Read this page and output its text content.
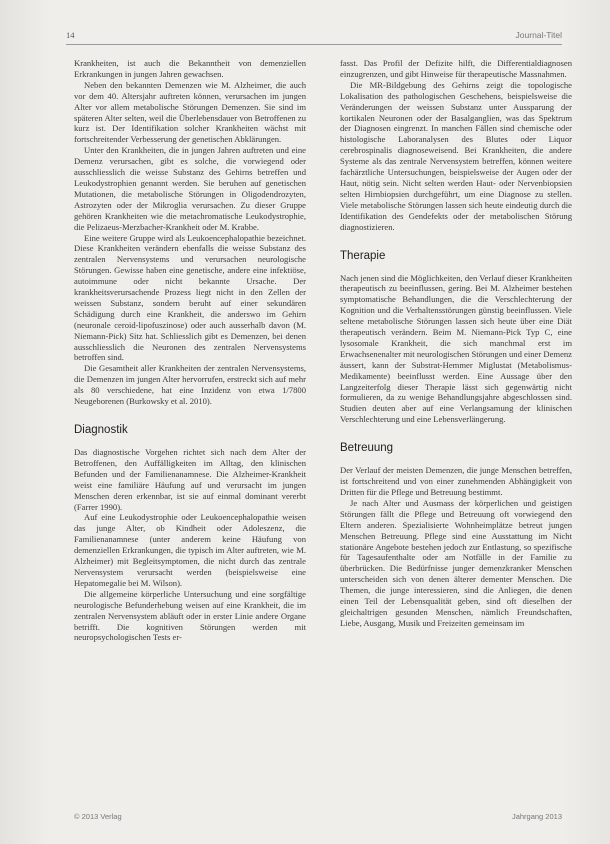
14	Journal-Titel

Krankheiten, ist auch die Bekanntheit von demenziellen Erkrankungen in jungen Jahren gewachsen.

Neben den bekannten Demenzen wie M. Alzheimer, die auch vor dem 40. Altersjahr auftreten können, verursachen im jungen Alter vor allem metabolische Störungen Demenzen. Sie sind im späteren Alter selten, weil die Überlebensdauer von Betroffenen zu kurz ist. Der Identifikation solcher Krankheiten wächst mit fortschreitender Verbesserung der genetischen Abklärungen.

Unter den Krankheiten, die in jungen Jahren auftreten und eine Demenz verursachen, gibt es solche, die vorwiegend oder ausschliesslich die weisse Substanz des Gehirns betreffen und Leukodystrophien genannt werden. Sie beruhen auf genetischen Mutationen, die metabolische Störungen in Oligodendrozyten, Astrozyten oder der Mikroglia verursachen. Zu dieser Gruppe gehören Krankheiten wie die metachromatische Leukodystrophie, die Pelizaeus-Merzbacher-Krankheit oder M. Krabbe.

Eine weitere Gruppe wird als Leukoencephalopathie bezeichnet. Diese Krankheiten verändern ebenfalls die weisse Substanz des zentralen Nervensystems und verursachen neurologische Störungen. Gewisse haben eine genetische, andere eine infektiöse, autoimmune oder nicht bekannte Ursache. Der krankheitsverursachende Prozess liegt nicht in den Zellen der weissen Substanz, sondern beruht auf einer sekundären Schädigung durch eine Krankheit, die anderswo im Gehirn (neuronale ceroid-lipofuszinose) oder auch ausserhalb davon (M. Niemann-Pick) Sitz hat. Schliesslich gibt es Demenzen, bei denen ausschliesslich die Neuronen des zentralen Nervensystems betroffen sind.

Die Gesamtheit aller Krankheiten der zentralen Nervensystems, die Demenzen im jungen Alter hervorrufen, erstreckt sich auf mehr als 80 verschiedene, hat eine Inzidenz von etwa 1/7800 Neugeborenen (Burkowsky et al. 2010).

Diagnostik

Das diagnostische Vorgehen richtet sich nach dem Alter der Betroffenen, den Auffälligkeiten im Alltag, den klinischen Befunden und der Familienanamnese. Die Alzheimer-Krankheit weist eine familiäre Häufung auf und verursacht im jungen Menschen deren erkennbar, ist sie auf einmal dominant vererbt (Farrer 1990).

Auf eine Leukodystrophie oder Leukoencephalopathie weisen das junge Alter, ob Kindheit oder Adoleszenz, die Familienanamnese (unter anderem keine Häufung von demenziellen Erkrankungen, die typisch im Alter auftreten, wie M. Alzheimer) mit Begleitsymptomen, die nicht durch das zentrale Nervensystem verursacht werden (beispielsweise eine Hepatomegalie bei M. Wilson).

Die allgemeine körperliche Untersuchung und eine sorgfältige neurologische Befunderhebung weisen auf eine Krankheit, die im zentralen Nervensystem abläuft oder in erster Linie andere Organe betrifft. Die kognitiven Störungen werden mit neuropsychologischen Tests er-

fasst. Das Profil der Defizite hilft, die Differentialdiagnosen einzugrenzen, und gibt Hinweise für therapeutische Massnahmen.

Die MR-Bildgebung des Gehirns zeigt die topologische Lokalisation des pathologischen Geschehens, beispielsweise die Veränderungen der weissen Substanz unter Aussparung der kortikalen Neuronen oder der Basalganglien, was das Spektrum der Diagnosen eingrenzt. In manchen Fällen sind chemische oder histologische Laboranalysen des Blutes oder Liquor cerebrospinalis diagnoseweisend. Bei Krankheiten, die andere Systeme als das zentrale Nervensystem betreffen, können weitere fachärztliche Untersuchungen, beispielsweise der Augen oder der Haut, nötig sein. Nicht selten werden Haut- oder Nervenbiopsien selten Hirnbiopsien durchgeführt, um eine Diagnose zu stellen. Viele metabolische Störungen lassen sich heute eindeutig durch die Identifikation des Gendefekts oder der metabolischen Störung diagnostizieren.

Therapie

Nach jenen sind die Möglichkeiten, den Verlauf dieser Krankheiten therapeutisch zu beeinflussen, gering. Bei M. Alzheimer bestehen symptomatische Behandlungen, die die Verschlechterung der Kognition und die Verhaltensstörungen günstig beeinflussen. Viele seltene metabolische Störungen lassen sich heute über eine Diät therapeutisch verändern. Beim M. Niemann-Pick Typ C, eine lysosomale Krankheit, die sich manchmal erst im Erwachsenenalter mit neurologischen Störungen und einer Demenz äussert, kann der Substrat-Hemmer Miglustat (Metabolismus-Medikamente) beeinflusst werden. Eine Aussage über den Langzeiterfolg dieser Therapie lässt sich gegenwärtig nicht formulieren, da zu wenige Behandlungsjahre abgeschlossen sind. Studien deuten aber auf eine Verlangsamung der klinischen Verschlechterung und eine Lebensverlängerung.

Betreuung

Der Verlauf der meisten Demenzen, die junge Menschen betreffen, ist fortschreitend und von einer zunehmenden Abhängigkeit von Dritten für die Pflege und Betreuung bestimmt.

Je nach Alter und Ausmass der körperlichen und geistigen Störungen fällt die Pflege und Betreuung oft vorwiegend den Eltern anderen. Spezialisierte Wohnheimplätze betreut jungen Menschen Betreuung. Pflege sind eine Ausstattung im Nicht stationäre Angebote bestehen jedoch zur Entlastung, so spezifische für Tagesaufenthalte oder am Notfälle in der Familie zu überbrücken. Die Bedürfnisse junger demenzkranker Menschen unterscheiden sich von denen älterer dementer Menschen. Die Themen, die junge interessieren, sind die Anliegen, die denen einen Teil der Lebensqualität geben, sind oft dieselben der gleichaltrigen gesunden Menschen, nämlich Freundschaften, Liebe, Ausgang, Musik und Freizeiten gemeinsam im

© 2013 Verlag	Jahrgang 2013
